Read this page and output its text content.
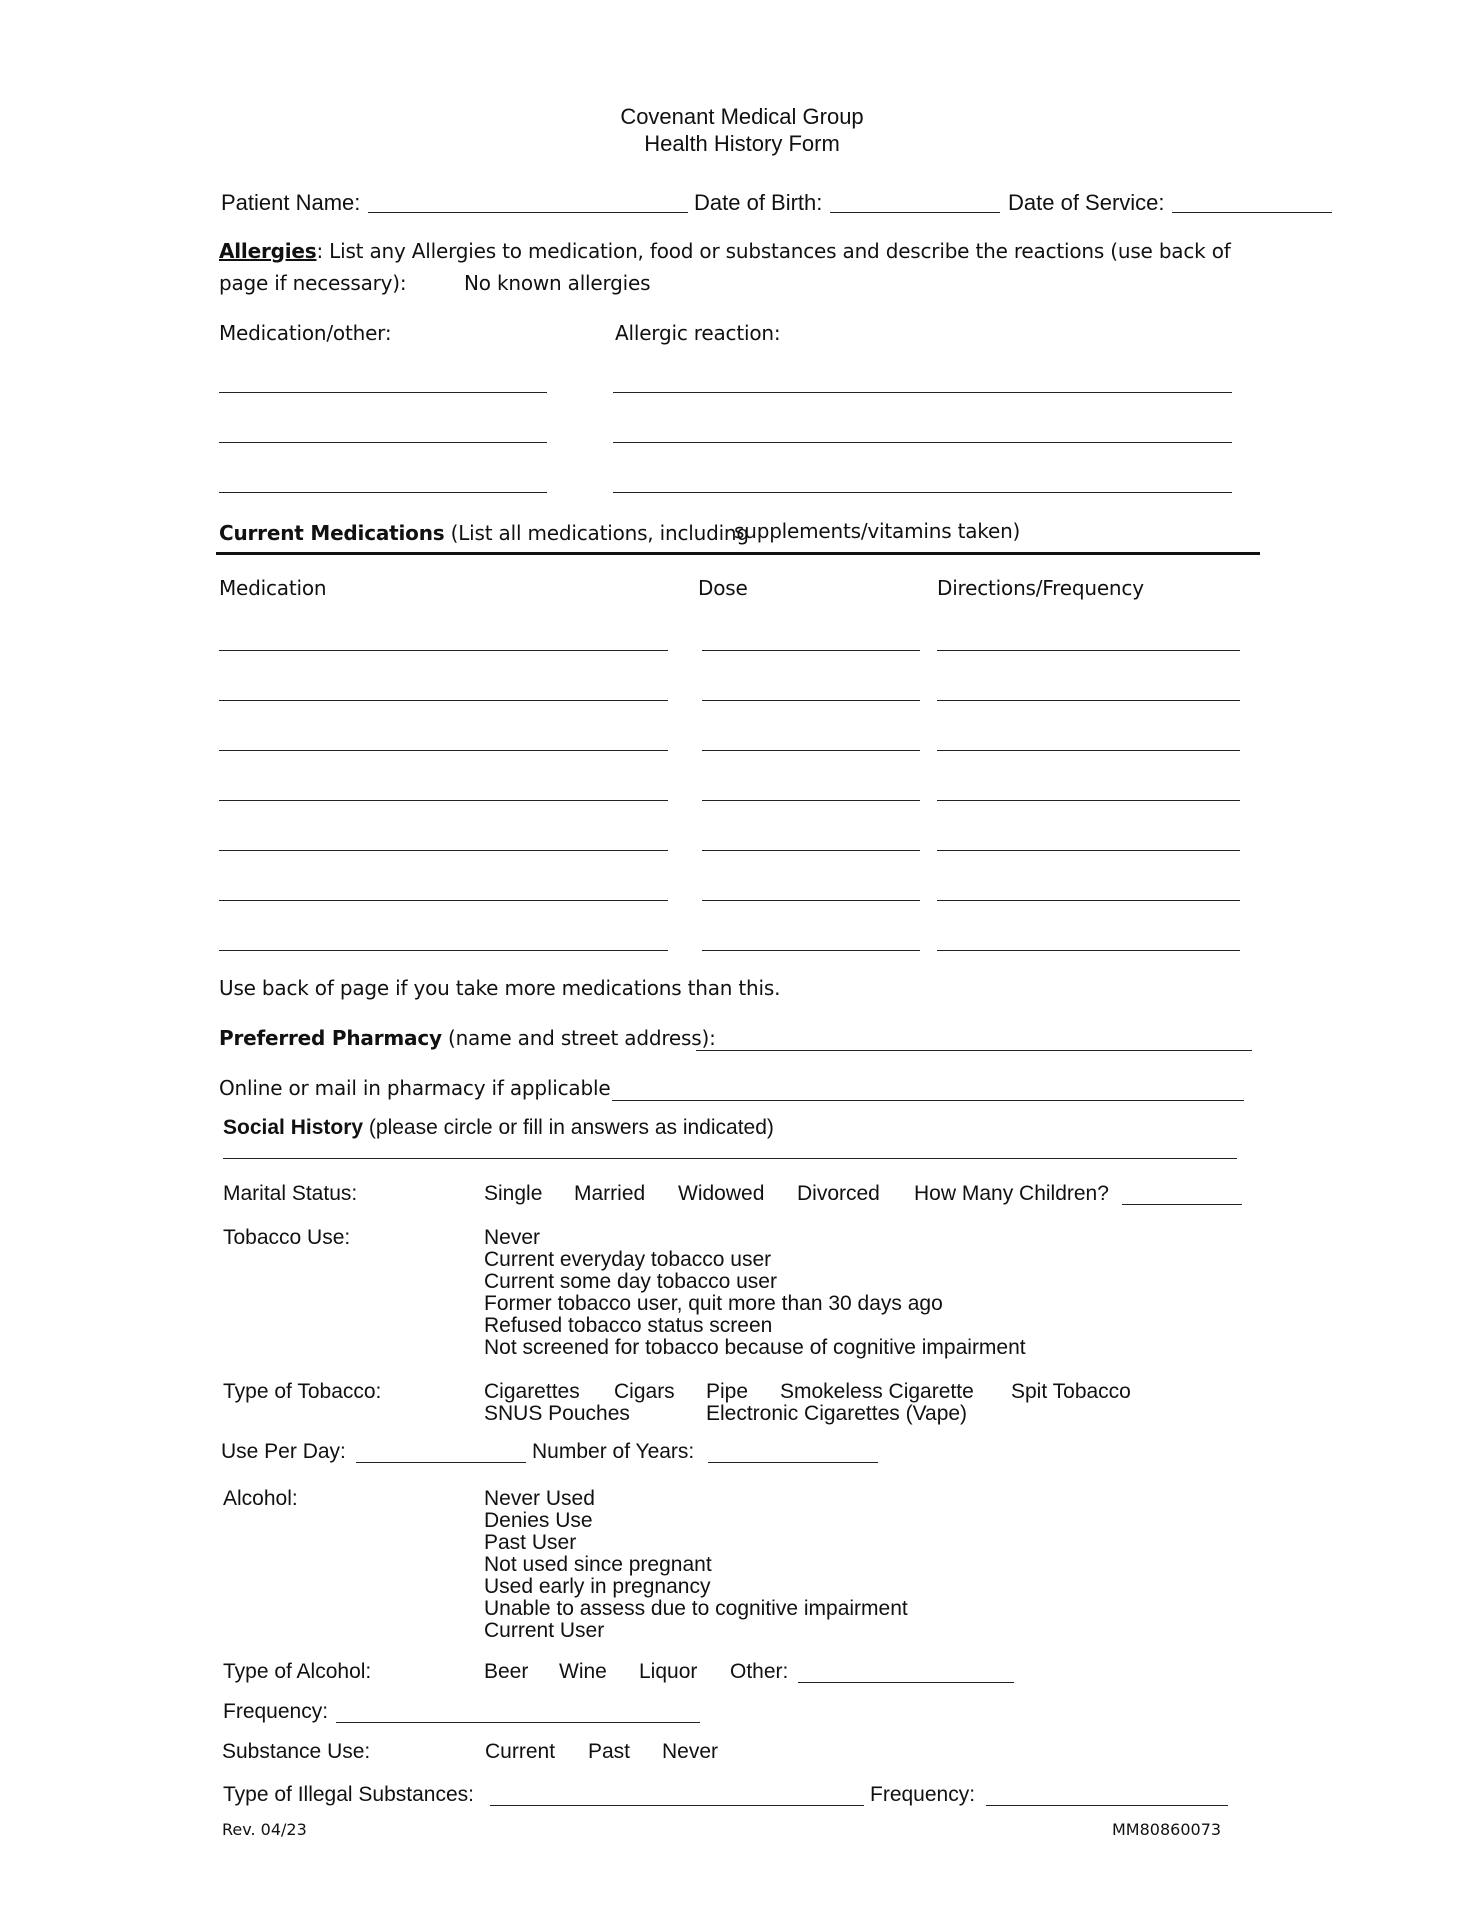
Covenant Medical Group
Health History Form
Patient Name:	Date of Birth:	Date of Service:
Allergies: List any Allergies to medication, food or substances and describe the reactions (use back of
page if necessary):	No known allergies
Medication/other:	Allergic reaction:
Current Medications (List all medications, including
supplements/vitamins taken)
Medication	Dose	Directions/Frequency
Use back of page if you take more medications than this.
Preferred Pharmacy (name and street address):
Online or mail in pharmacy if applicable
Social History (please circle or fill in answers as indicated)
Marital Status:	Single Married Widowed Divorced How Many Children?
Tobacco Use:	Never
Current everyday tobacco user
Current some day tobacco user
Former tobacco user, quit more than 30 days ago
Refused tobacco status screen
Not screened for tobacco because of cognitive impairment
Type of Tobacco:	Cigarettes Cigars Pipe Smokeless Cigarette Spit Tobacco
SNUS Pouches	Electronic Cigarettes (Vape)
Use Per Day:	Number of Years:
Alcohol:	Never Used
Denies Use
Past User
Not used since pregnant
Used early in pregnancy
Unable to assess due to cognitive impairment
Current User
Type of Alcohol:	Beer Wine Liquor Other:
Frequency:
Substance Use:	Current Past Never
Type of Illegal Substances:	Frequency:
Rev. 04/23	MM80860073
